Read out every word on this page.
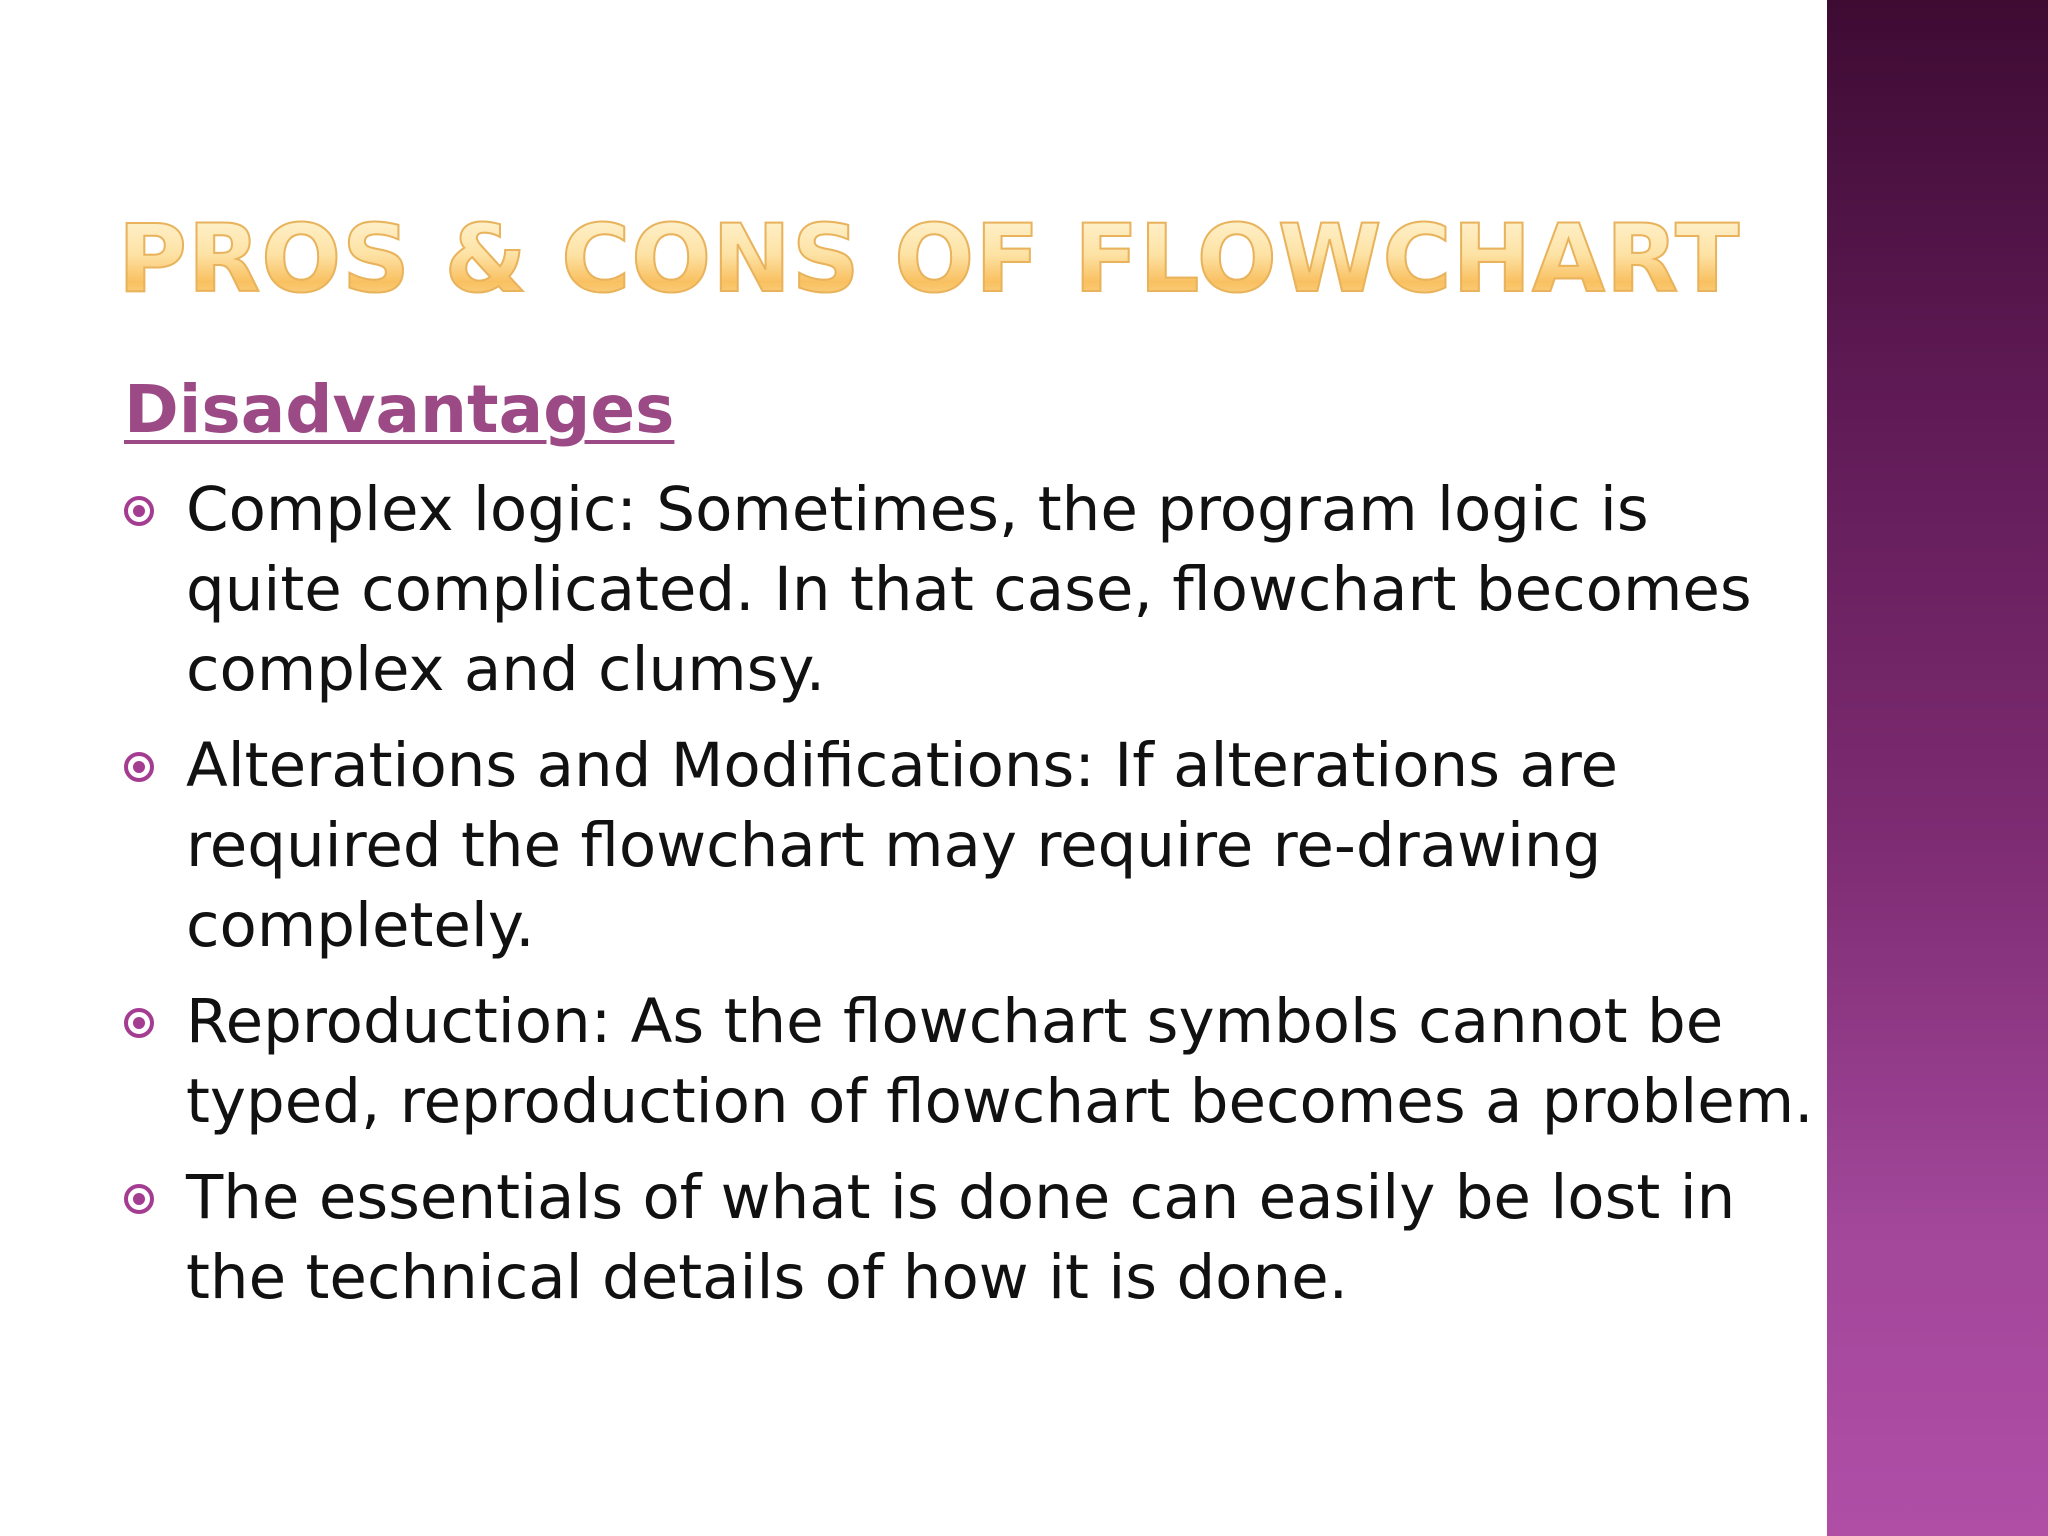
PROS & CONS OF FLOWCHART
Disadvantages
Complex logic: Sometimes, the program logic is quite complicated. In that case, flowchart becomes complex and clumsy.
Alterations and Modifications: If alterations are required the flowchart may require re-drawing completely.
Reproduction: As the flowchart symbols cannot be typed, reproduction of flowchart becomes a problem.
The essentials of what is done can easily be lost in the technical details of how it is done.
